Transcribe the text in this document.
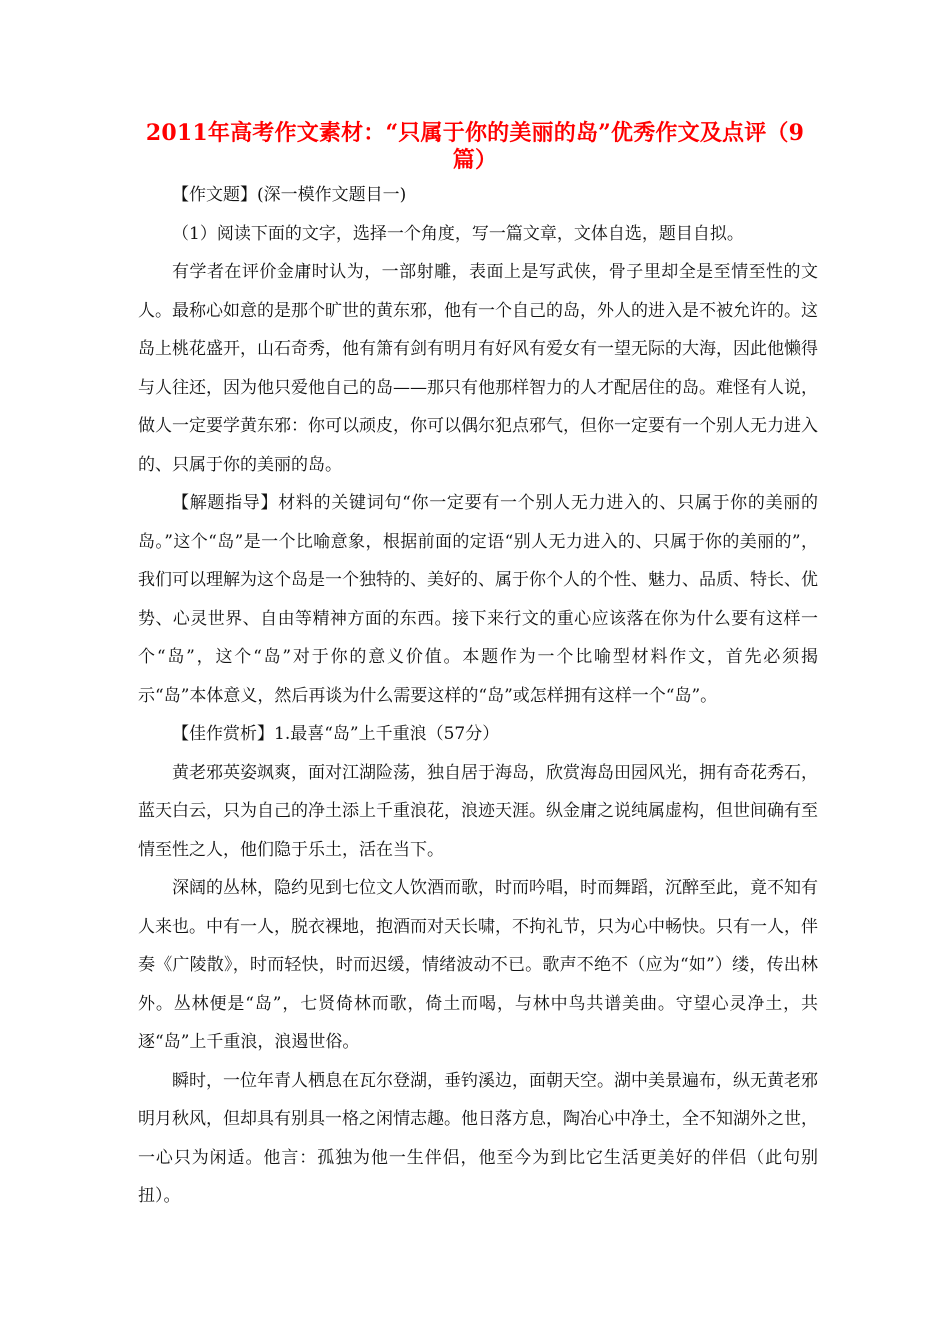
2011年高考作文素材：“只属于你的美丽的岛”优秀作文及点评（9篇）

【作文题】(深一模作文题目一)

（1）阅读下面的文字，选择一个角度，写一篇文章，文体自选，题目自拟。

有学者在评价金庸时认为，一部射雕，表面上是写武侠，骨子里却全是至情至性的文人。最称心如意的是那个旷世的黄东邪，他有一个自己的岛，外人的进入是不被允许的。这岛上桃花盛开，山石奇秀，他有箫有剑有明月有好风有爱女有一望无际的大海，因此他懒得与人往还，因为他只爱他自己的岛——那只有他那样智力的人才配居住的岛。难怪有人说，做人一定要学黄东邪：你可以顽皮，你可以偶尔犯点邪气，但你一定要有一个别人无力进入的、只属于你的美丽的岛。

【解题指导】材料的关键词句“你一定要有一个别人无力进入的、只属于你的美丽的岛。”这个“岛”是一个比喻意象，根据前面的定语“别人无力进入的、只属于你的美丽的”，我们可以理解为这个岛是一个独特的、美好的、属于你个人的个性、魅力、品质、特长、优势、心灵世界、自由等精神方面的东西。接下来行文的重心应该落在你为什么要有这样一个“岛”，这个“岛”对于你的意义价值。本题作为一个比喻型材料作文，首先必须揭示“岛”本体意义，然后再谈为什么需要这样的“岛”或怎样拥有这样一个“岛”。

【佳作赏析】1.最喜“岛”上千重浪（57分）

黄老邪英姿飒爽，面对江湖险荡，独自居于海岛，欣赏海岛田园风光，拥有奇花秀石，蓝天白云，只为自己的净土添上千重浪花，浪迹天涯。纵金庸之说纯属虚构，但世间确有至情至性之人，他们隐于乐土，活在当下。

深阔的丛林，隐约见到七位文人饮酒而歌，时而吟唱，时而舞蹈，沉醉至此，竟不知有人来也。中有一人，脱衣裸地，抱酒而对天长啸，不拘礼节，只为心中畅快。只有一人，伴奏《广陵散》，时而轻快，时而迟缓，情绪波动不已。歌声不绝不（应为“如”）缕，传出林外。丛林便是“岛”，七贤倚林而歌，倚土而喝，与林中鸟共谱美曲。守望心灵净土，共逐“岛”上千重浪，浪遏世俗。

瞬时，一位年青人栖息在瓦尔登湖，垂钓溪边，面朝天空。湖中美景遍布，纵无黄老邪明月秋风，但却具有别具一格之闲情志趣。他日落方息，陶冶心中净土，全不知湖外之世，一心只为闲适。他言：孤独为他一生伴侣，他至今为到比它生活更美好的伴侣（此句别扭）。
